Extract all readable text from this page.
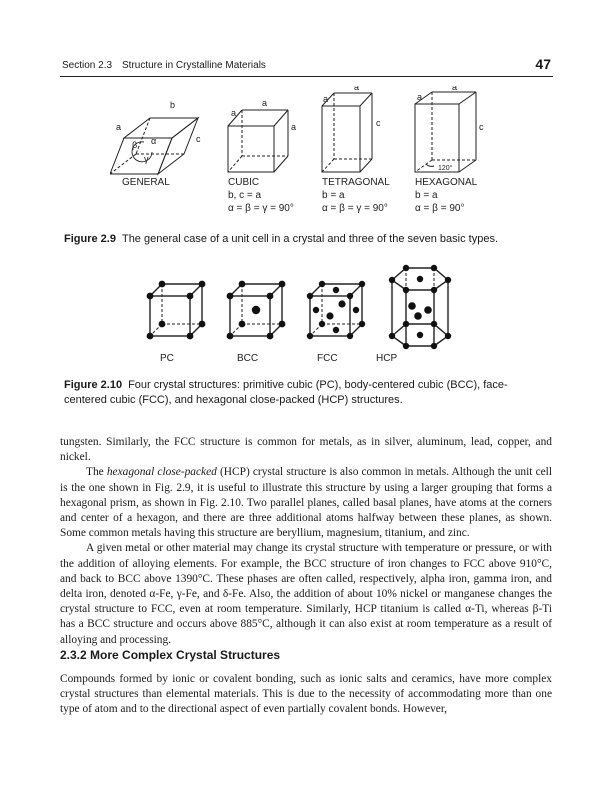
Section 2.3 Structure in Crystalline Materials	47
a
b
c
α
β
γ
a
a
a
a
a
c
a
a
c
120°
GENERAL	CUBIC
b, c = a
α = β = γ = 90°
TETRAGONAL
b = a
α = β = γ = 90°
HEXAGONAL
b = a
α = β = 90°
Figure 2.9 The general case of a unit cell in a crystal and three of the seven basic types.
PC	BCC	FCC	HCP
Figure 2.10 Four crystal structures: primitive cubic (PC), body-centered cubic (BCC), face-centered cubic (FCC), and hexagonal close-packed (HCP) structures.

tungsten. Similarly, the FCC structure is common for metals, as in silver, aluminum, lead, copper, and nickel.

The hexagonal close-packed (HCP) crystal structure is also common in metals. Although the unit cell is the one shown in Fig. 2.9, it is useful to illustrate this structure by using a larger grouping that forms a hexagonal prism, as shown in Fig. 2.10. Two parallel planes, called basal planes, have atoms at the corners and center of a hexagon, and there are three additional atoms halfway between these planes, as shown. Some common metals having this structure are beryllium, magnesium, titanium, and zinc.

A given metal or other material may change its crystal structure with temperature or pressure, or with the addition of alloying elements. For example, the BCC structure of iron changes to FCC above 910°C, and back to BCC above 1390°C. These phases are often called, respectively, alpha iron, gamma iron, and delta iron, denoted α-Fe, γ-Fe, and δ-Fe. Also, the addition of about 10% nickel or manganese changes the crystal structure to FCC, even at room temperature. Similarly, HCP titanium is called α-Ti, whereas β-Ti has a BCC structure and occurs above 885°C, although it can also exist at room temperature as a result of alloying and processing.

2.3.2 More Complex Crystal Structures

Compounds formed by ionic or covalent bonding, such as ionic salts and ceramics, have more complex crystal structures than elemental materials. This is due to the necessity of accommodating more than one type of atom and to the directional aspect of even partially covalent bonds. However,
